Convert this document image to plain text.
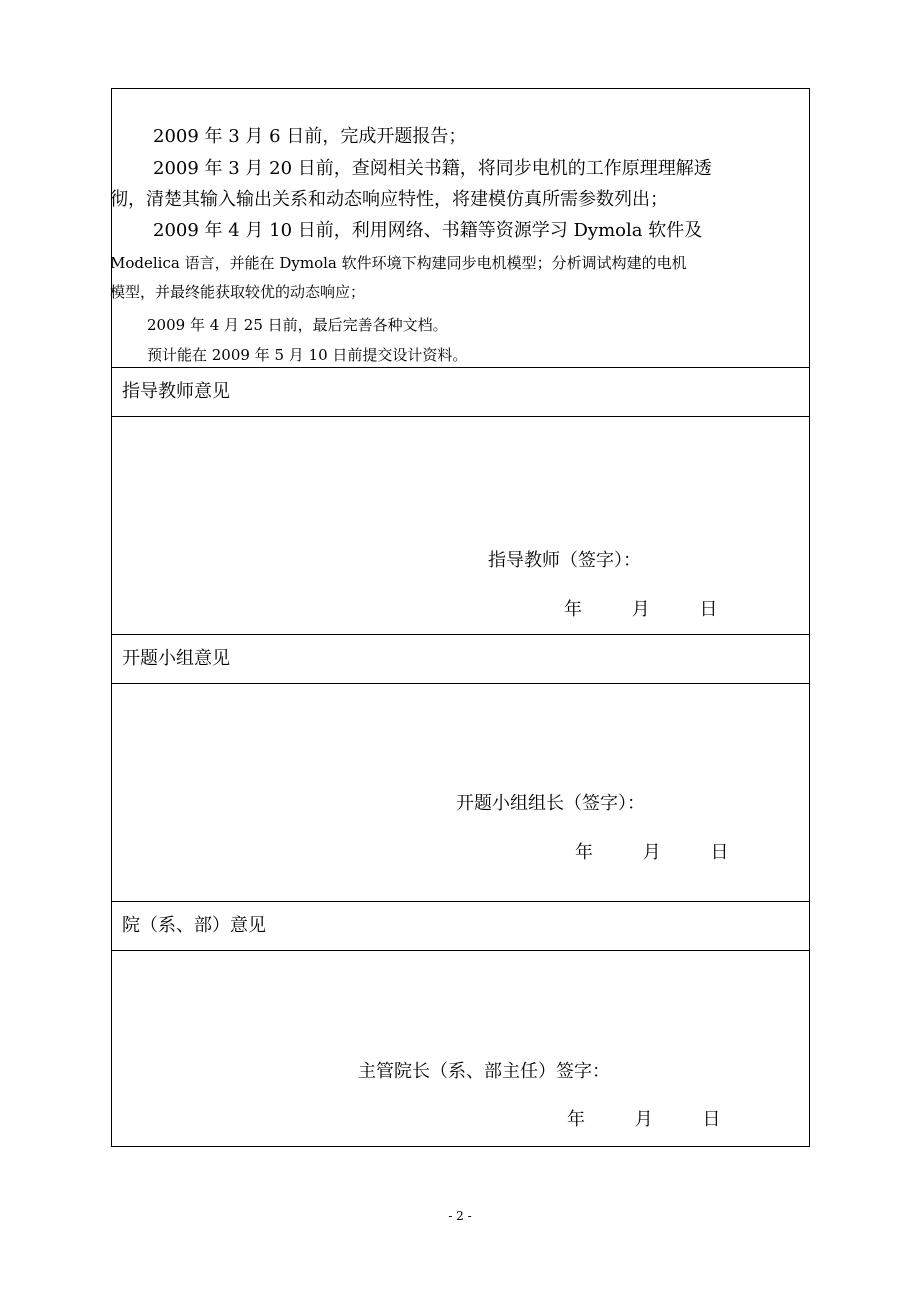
2009 年 3 月 6 日前，完成开题报告；
2009 年 3 月 20 日前，查阅相关书籍，将同步电机的工作原理理解透
彻，清楚其输入输出关系和动态响应特性，将建模仿真所需参数列出；
2009 年 4 月 10 日前，利用网络、书籍等资源学习 Dymola 软件及
Modelica 语言，并能在 Dymola 软件环境下构建同步电机模型；分析调试构建的电机
模型，并最终能获取较优的动态响应；
2009 年 4 月 25 日前，最后完善各种文档。
预计能在 2009 年 5 月 10 日前提交设计资料。
指导教师意见
指导教师（签字）：
年	月	日
开题小组意见
开题小组组长（签字）：
年	月	日
院（系、部）意见
主管院长（系、部主任）签字：
年	月	日
- 2 -
